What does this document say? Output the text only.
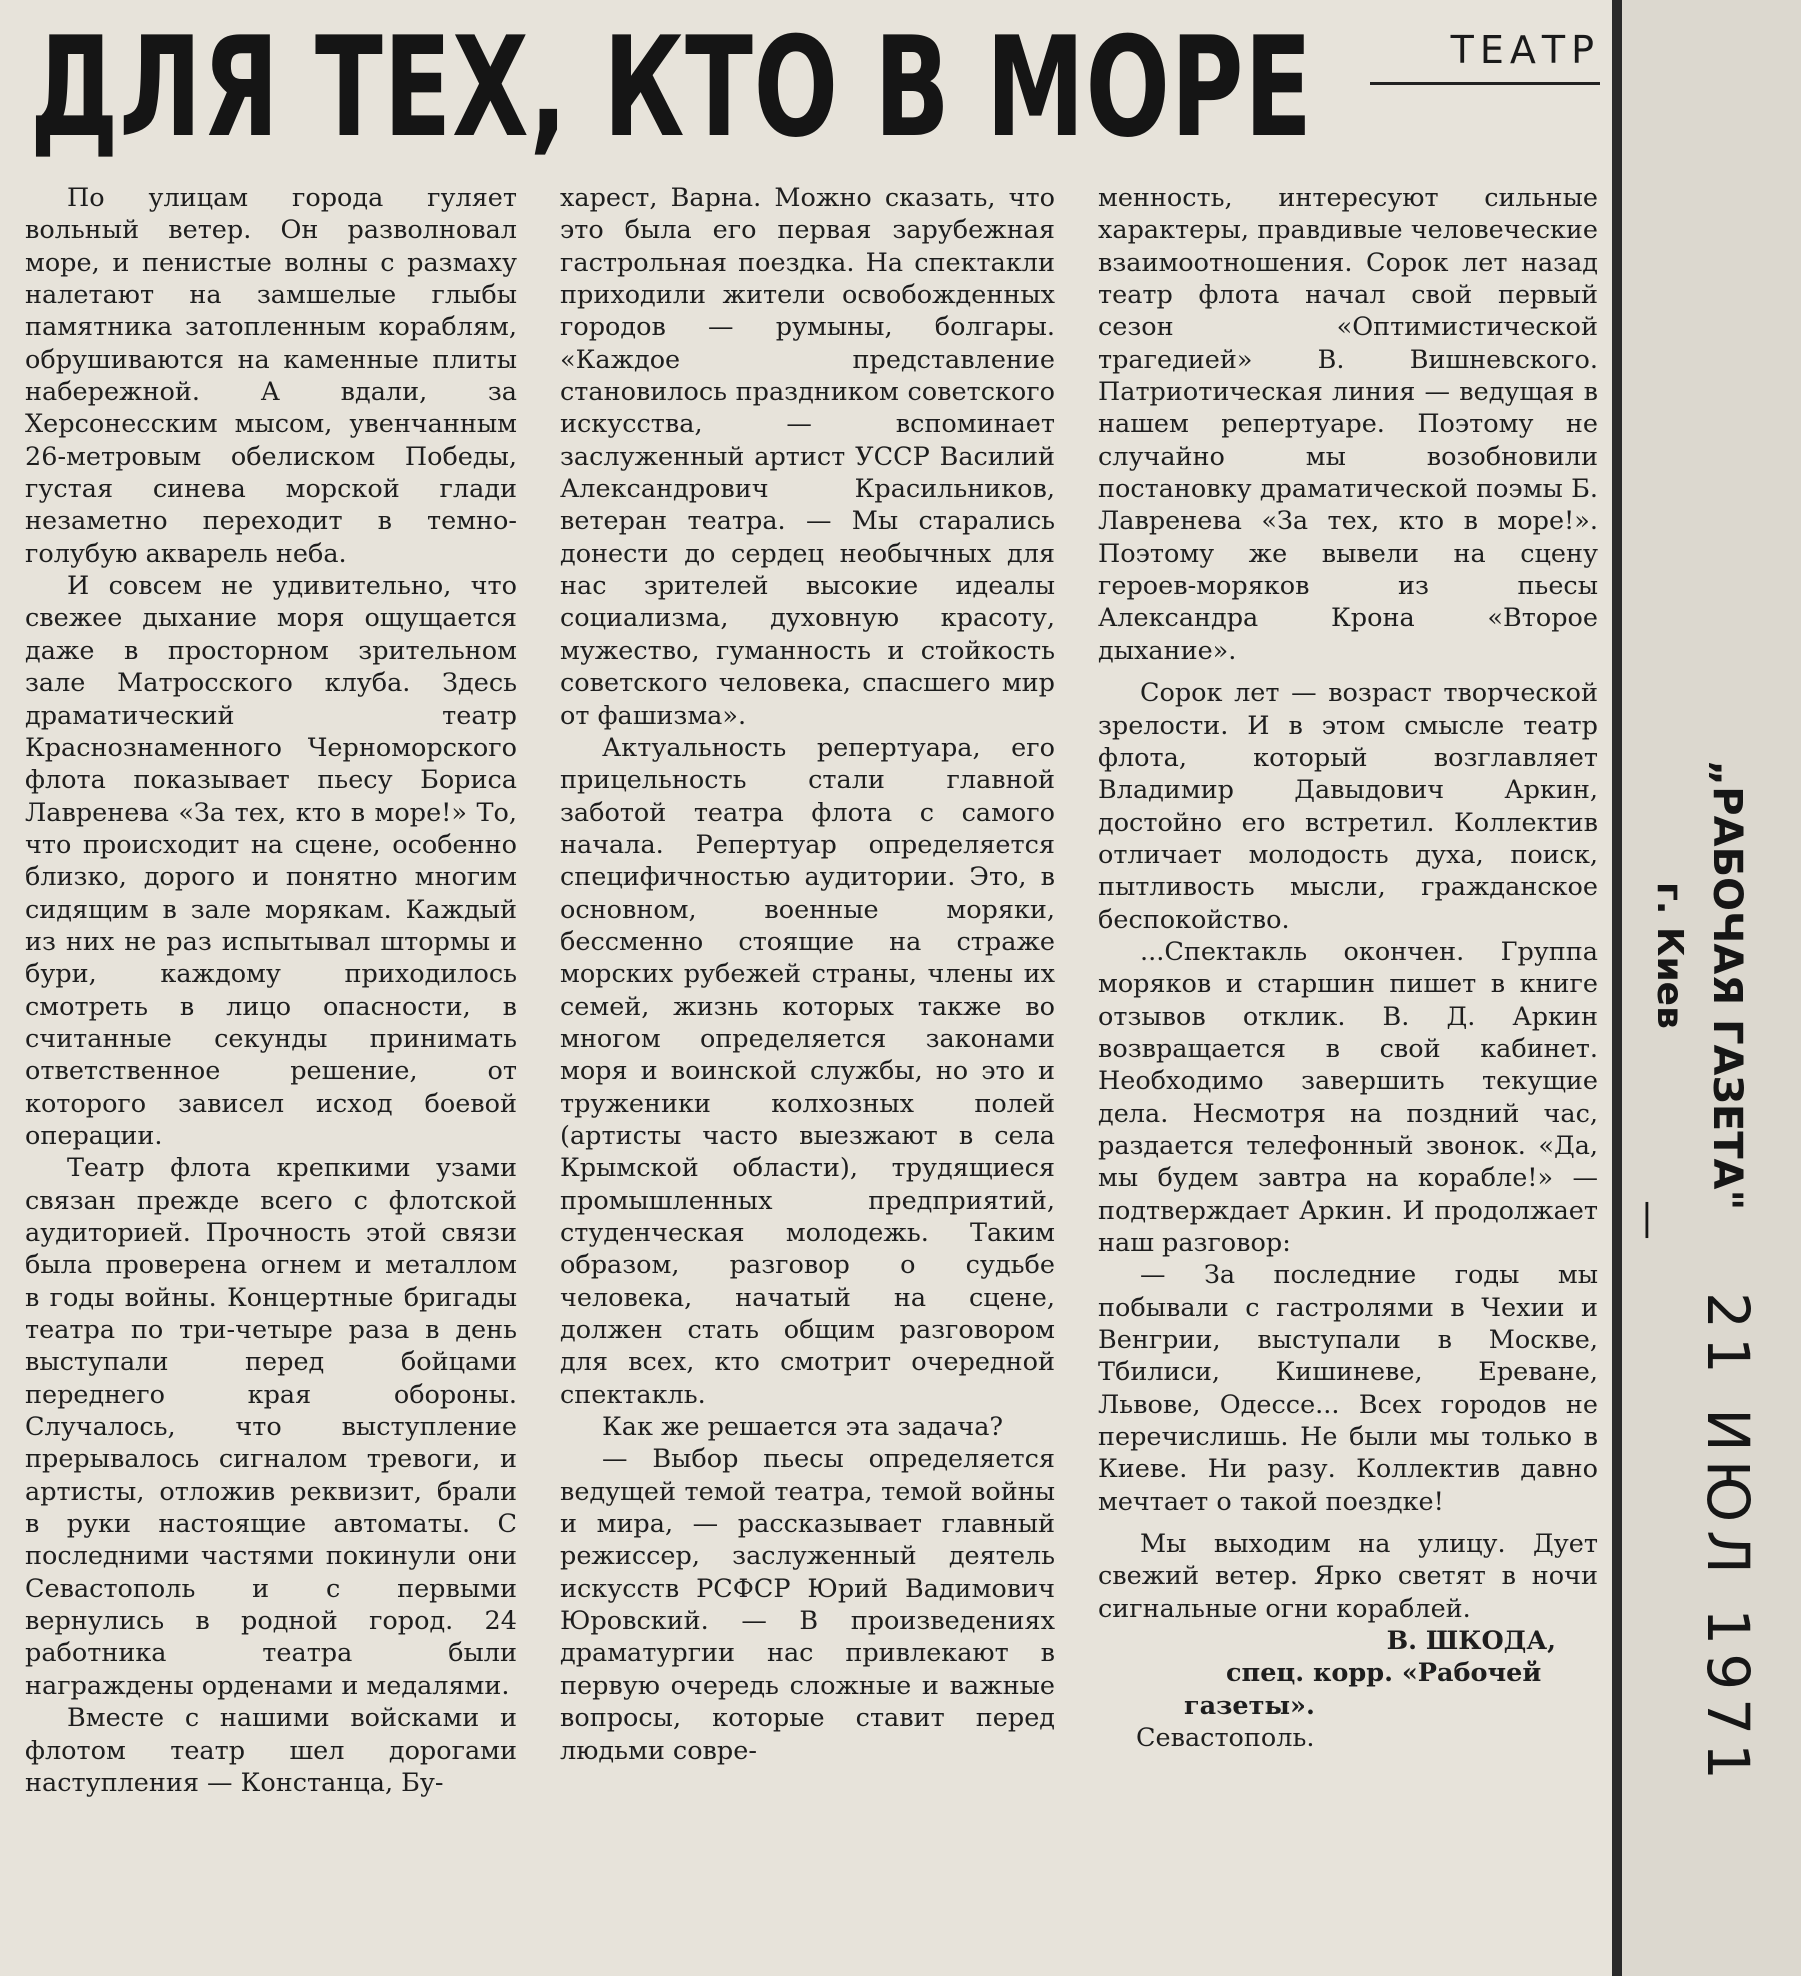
ДЛЯ ТЕХ, КТО В МОРЕ	ТЕАТР

По улицам города гуляет вольный ветер. Он разволновал море, и пенистые волны с размаху налетают на замшелые глыбы памятника затопленным кораблям, обрушиваются на каменные плиты набережной. А вдали, за Херсонесским мысом, увенчанным 26-метровым обелиском Победы, густая синева морской глади незаметно переходит в темно-голубую акварель неба.

И совсем не удивительно, что свежее дыхание моря ощущается даже в просторном зрительном зале Матросского клуба. Здесь драматический театр Краснознаменного Черноморского флота показывает пьесу Бориса Лавренева «За тех, кто в море!» То, что происходит на сцене, особенно близко, дорого и понятно многим сидящим в зале морякам. Каждый из них не раз испытывал штормы и бури, каждому приходилось смотреть в лицо опасности, в считанные секунды принимать ответственное решение, от которого зависел исход боевой операции.

Театр флота крепкими узами связан прежде всего с флотской аудиторией. Прочность этой связи была проверена огнем и металлом в годы войны. Концертные бригады театра по три-четыре раза в день выступали перед бойцами переднего края обороны. Случалось, что выступление прерывалось сигналом тревоги, и артисты, отложив реквизит, брали в руки настоящие автоматы. С последними частями покинули они Севастополь и с первыми вернулись в родной город. 24 работника театра были награждены орденами и медалями.

Вместе с нашими войсками и флотом театр шел дорогами наступления — Констанца, Бу-

харест, Варна. Можно сказать, что это была его первая зарубежная гастрольная поездка. На спектакли приходили жители освобожденных городов — румыны, болгары. «Каждое представление становилось праздником советского искусства, — вспоминает заслуженный артист УССР Василий Александрович Красильников, ветеран театра. — Мы старались донести до сердец необычных для нас зрителей высокие идеалы социализма, духовную красоту, мужество, гуманность и стойкость советского человека, спасшего мир от фашизма».

Актуальность репертуара, его прицельность стали главной заботой театра флота с самого начала. Репертуар определяется специфичностью аудитории. Это, в основном, военные моряки, бессменно стоящие на страже морских рубежей страны, члены их семей, жизнь которых также во многом определяется законами моря и воинской службы, но это и труженики колхозных полей (артисты часто выезжают в села Крымской области), трудящиеся промышленных предприятий, студенческая молодежь. Таким образом, разговор о судьбе человека, начатый на сцене, должен стать общим разговором для всех, кто смотрит очередной спектакль.

Как же решается эта задача?

— Выбор пьесы определяется ведущей темой театра, темой войны и мира, — рассказывает главный режиссер, заслуженный деятель искусств РСФСР Юрий Вадимович Юровский. — В произведениях драматургии нас привлекают в первую очередь сложные и важные вопросы, которые ставит перед людьми совре-

менность, интересуют сильные характеры, правдивые человеческие взаимоотношения. Сорок лет назад театр флота начал свой первый сезон «Оптимистической трагедией» В. Вишневского. Патриотическая линия — ведущая в нашем репертуаре. Поэтому не случайно мы возобновили постановку драматической поэмы Б. Лавренева «За тех, кто в море!». Поэтому же вывели на сцену героев-моряков из пьесы Александра Крона «Второе дыхание».

Сорок лет — возраст творческой зрелости. И в этом смысле театр флота, который возглавляет Владимир Давыдович Аркин, достойно его встретил. Коллектив отличает молодость духа, поиск, пытливость мысли, гражданское беспокойство.

...Спектакль окончен. Группа моряков и старшин пишет в книге отзывов отклик. В. Д. Аркин возвращается в свой кабинет. Необходимо завершить текущие дела. Несмотря на поздний час, раздается телефонный звонок. «Да, мы будем завтра на корабле!» — подтверждает Аркин. И продолжает наш разговор:

— За последние годы мы побывали с гастролями в Чехии и Венгрии, выступали в Москве, Тбилиси, Кишиневе, Ереване, Львове, Одессе... Всех городов не перечислишь. Не были мы только в Киеве. Ни разу. Коллектив давно мечтает о такой поездке!

Мы выходим на улицу. Дует свежий ветер. Ярко светят в ночи сигнальные огни кораблей.

В. ШКОДА,

спец. корр. «Рабочей газеты».

Севастополь.

„РАБОЧАЯ ГАЗЕТА"
г. Киев
—
21 ИЮЛ 1971
